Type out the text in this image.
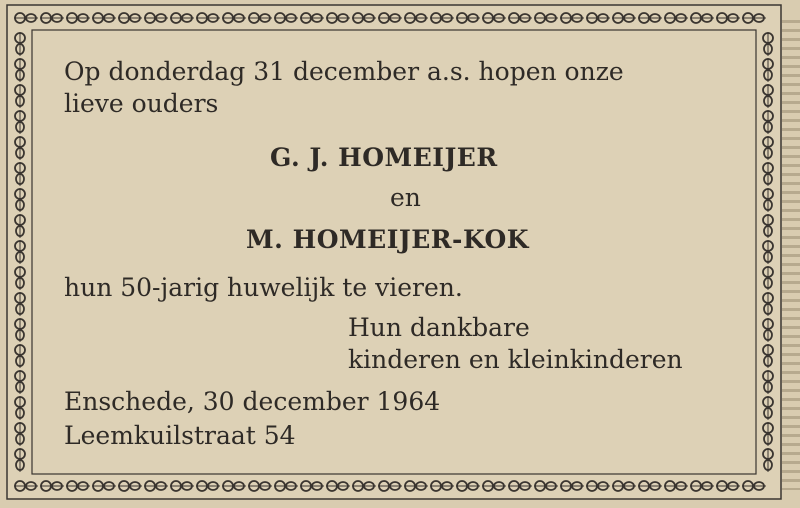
Op donderdag 31 december a.s. hopen onze
lieve ouders
G. J. HOMEIJER
en
M. HOMEIJER-KOK
hun 50-jarig huwelijk te vieren.
Hun dankbare
kinderen en kleinkinderen
Enschede, 30 december 1964
Leemkuilstraat 54
